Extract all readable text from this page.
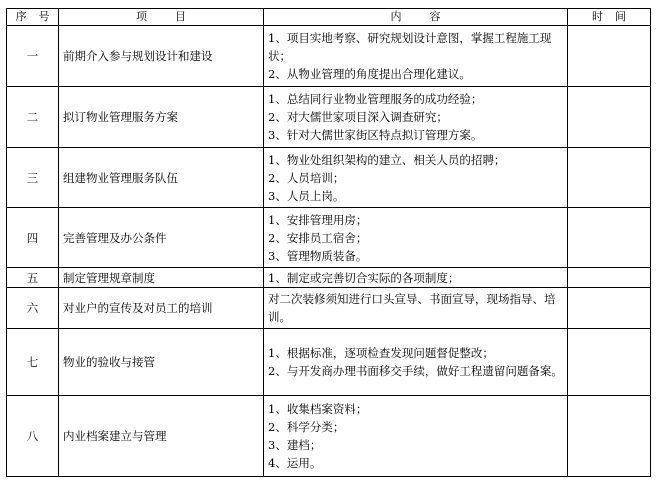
序 号	项 目	内 容	时 间
一	前期介入参与规划设计和建设	1、项目实地考察、研究规划设计意图，掌握工程施工现状；
2、从物业管理的角度提出合理化建议。	

二	拟订物业管理服务方案	1、总结同行业物业管理服务的成功经验；
2、对大儒世家项目深入调查研究；
3、针对大儒世家街区特点拟订管理方案。	

三	组建物业管理服务队伍	1、物业处组织架构的建立、相关人员的招聘；
2、人员培训；
3、人员上岗。	

四	完善管理及办公条件	1、安排管理用房；
2、安排员工宿舍；
3、管理物质装备。	

五	制定管理规章制度	1、制定或完善切合实际的各项制度；	

六	对业户的宣传及对员工的培训	对二次装修须知进行口头宣导、书面宣导，现场指导、培训。	

七	物业的验收与接管	1、根据标准，逐项检查发现问题督促整改；
2、与开发商办理书面移交手续，做好工程遗留问题备案。	

八	内业档案建立与管理	1、收集档案资料；
2、科学分类；
3、建档；
4、运用。	
